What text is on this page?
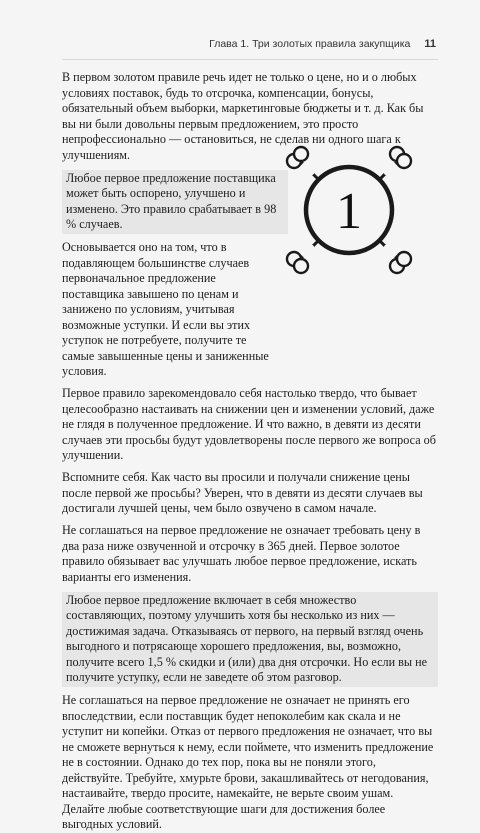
Глава 1. Три золотых правила закупщика 11
1

В первом золотом правиле речь идет не только о цене, но и о любых условиях поставок, будь то отсрочка, компенсации, бонусы, обязательный объем выборки, маркетинговые бюджеты и т. д. Как бы вы ни были довольны первым предложением, это просто непрофессионально — остановиться, не сделав ни одного шага к улучшениям.

Любое первое предложение поставщика может быть оспорено, улучшено и изменено. Это правило срабатывает в 98 % случаев.

Основывается оно на том, что в подавляющем большинстве случаев первоначальное предложение поставщика завышено по ценам и занижено по условиям, учитывая возможные уступки. И если вы этих уступок не потребуете, получите те самые завышенные цены и заниженные условия.

Первое правило зарекомендовало себя настолько твердо, что бывает целесообразно настаивать на снижении цен и изменении условий, даже не глядя в полученное предложение. И что важно, в девяти из десяти случаев эти просьбы будут удовлетворены после первого же вопроса об улучшении.

Вспомните себя. Как часто вы просили и получали снижение цены после первой же просьбы? Уверен, что в девяти из десяти случаев вы достигали лучшей цены, чем было озвучено в самом начале.

Не соглашаться на первое предложение не означает требовать цену в два раза ниже озвученной и отсрочку в 365 дней. Первое золотое правило обязывает вас улучшать любое первое предложение, искать варианты его изменения.

Любое первое предложение включает в себя множество составляющих, поэтому улучшить хотя бы несколько из них — достижимая задача. Отказываясь от первого, на первый взгляд очень выгодного и потрясающе хорошего предложения, вы, возможно, получите всего 1,5 % скидки и (или) два дня отсрочки. Но если вы не получите уступку, если не заведете об этом разговор.

Не соглашаться на первое предложение не означает не принять его впоследствии, если поставщик будет непоколебим как скала и не уступит ни копейки. Отказ от первого предложения не означает, что вы не сможете вернуться к нему, если поймете, что изменить предложение не в состоянии. Однако до тех пор, пока вы не поняли этого, действуйте. Требуйте, хмурьте брови, закашливайтесь от негодования, настаивайте, твердо просите, намекайте, не верьте своим ушам. Делайте любые соответствующие шаги для достижения более выгодных условий.
